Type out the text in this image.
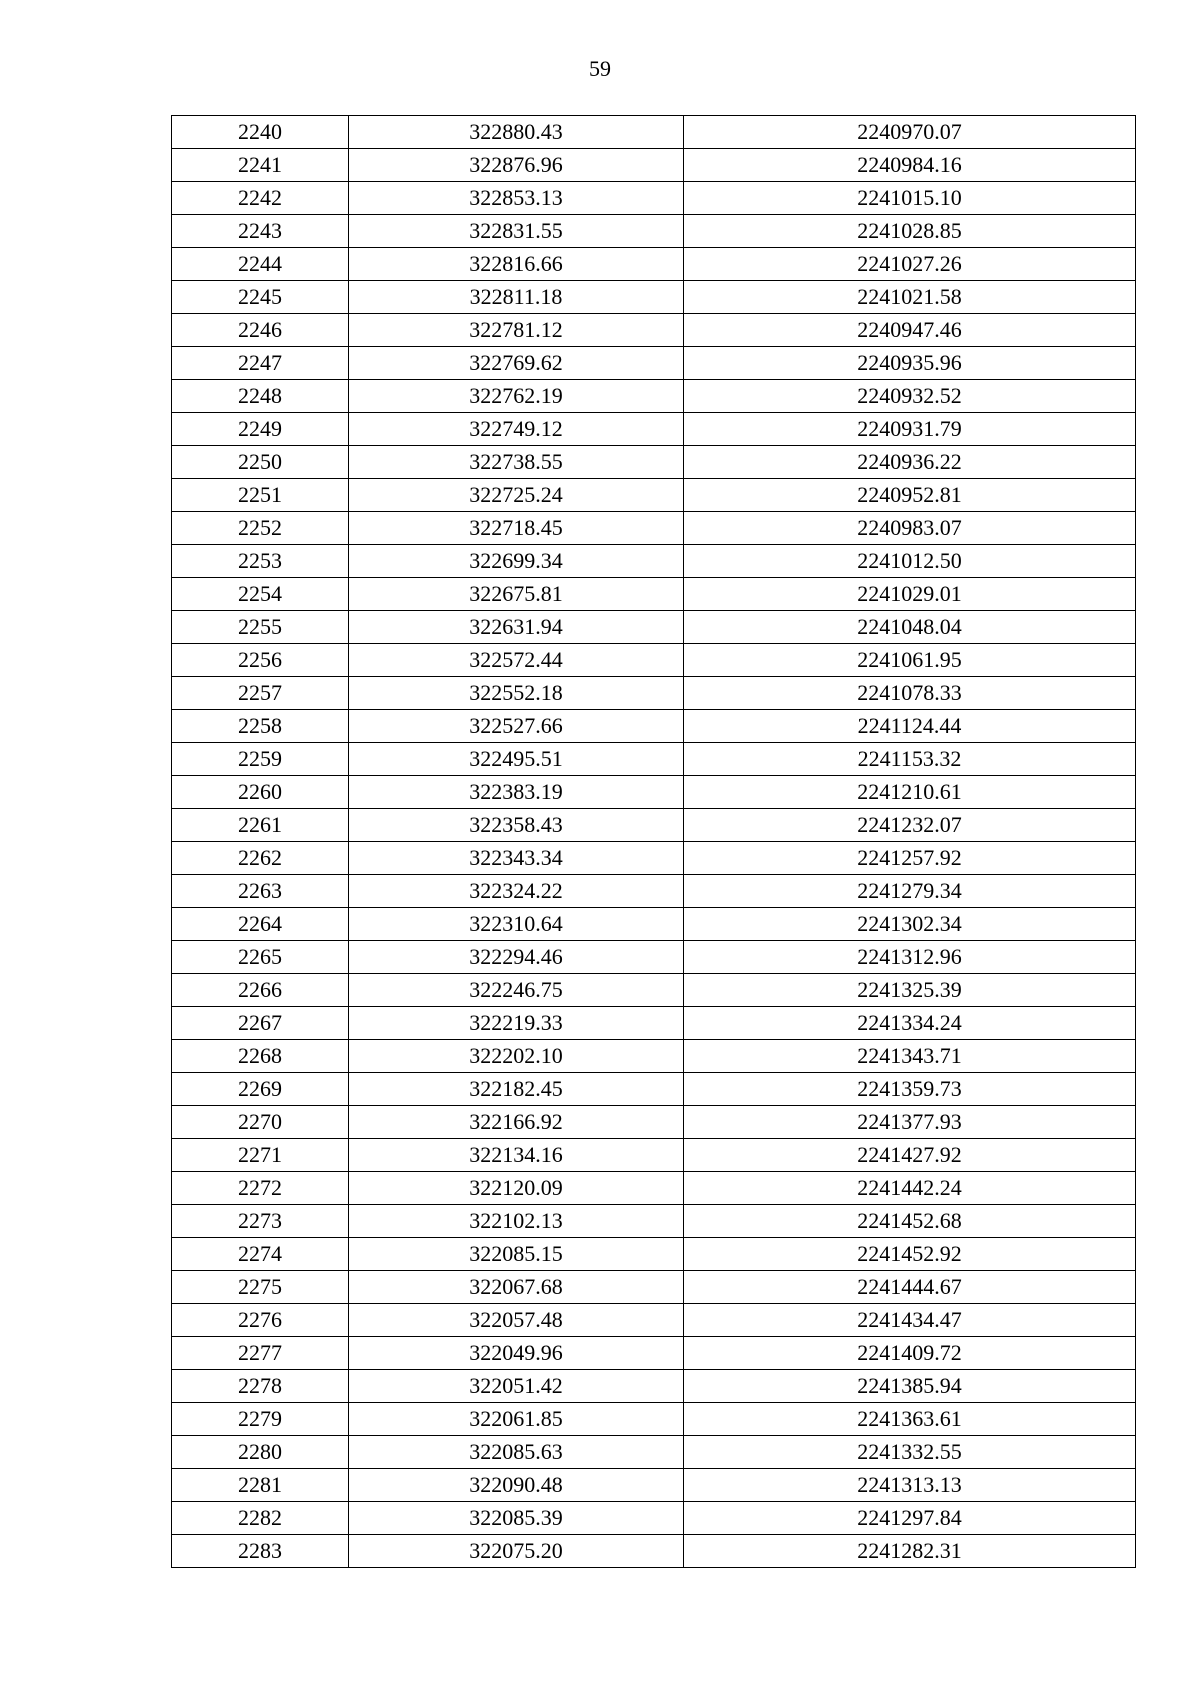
59
2240	322880.43	2240970.07
2241	322876.96	2240984.16
2242	322853.13	2241015.10
2243	322831.55	2241028.85
2244	322816.66	2241027.26
2245	322811.18	2241021.58
2246	322781.12	2240947.46
2247	322769.62	2240935.96
2248	322762.19	2240932.52
2249	322749.12	2240931.79
2250	322738.55	2240936.22
2251	322725.24	2240952.81
2252	322718.45	2240983.07
2253	322699.34	2241012.50
2254	322675.81	2241029.01
2255	322631.94	2241048.04
2256	322572.44	2241061.95
2257	322552.18	2241078.33
2258	322527.66	2241124.44
2259	322495.51	2241153.32
2260	322383.19	2241210.61
2261	322358.43	2241232.07
2262	322343.34	2241257.92
2263	322324.22	2241279.34
2264	322310.64	2241302.34
2265	322294.46	2241312.96
2266	322246.75	2241325.39
2267	322219.33	2241334.24
2268	322202.10	2241343.71
2269	322182.45	2241359.73
2270	322166.92	2241377.93
2271	322134.16	2241427.92
2272	322120.09	2241442.24
2273	322102.13	2241452.68
2274	322085.15	2241452.92
2275	322067.68	2241444.67
2276	322057.48	2241434.47
2277	322049.96	2241409.72
2278	322051.42	2241385.94
2279	322061.85	2241363.61
2280	322085.63	2241332.55
2281	322090.48	2241313.13
2282	322085.39	2241297.84
2283	322075.20	2241282.31
